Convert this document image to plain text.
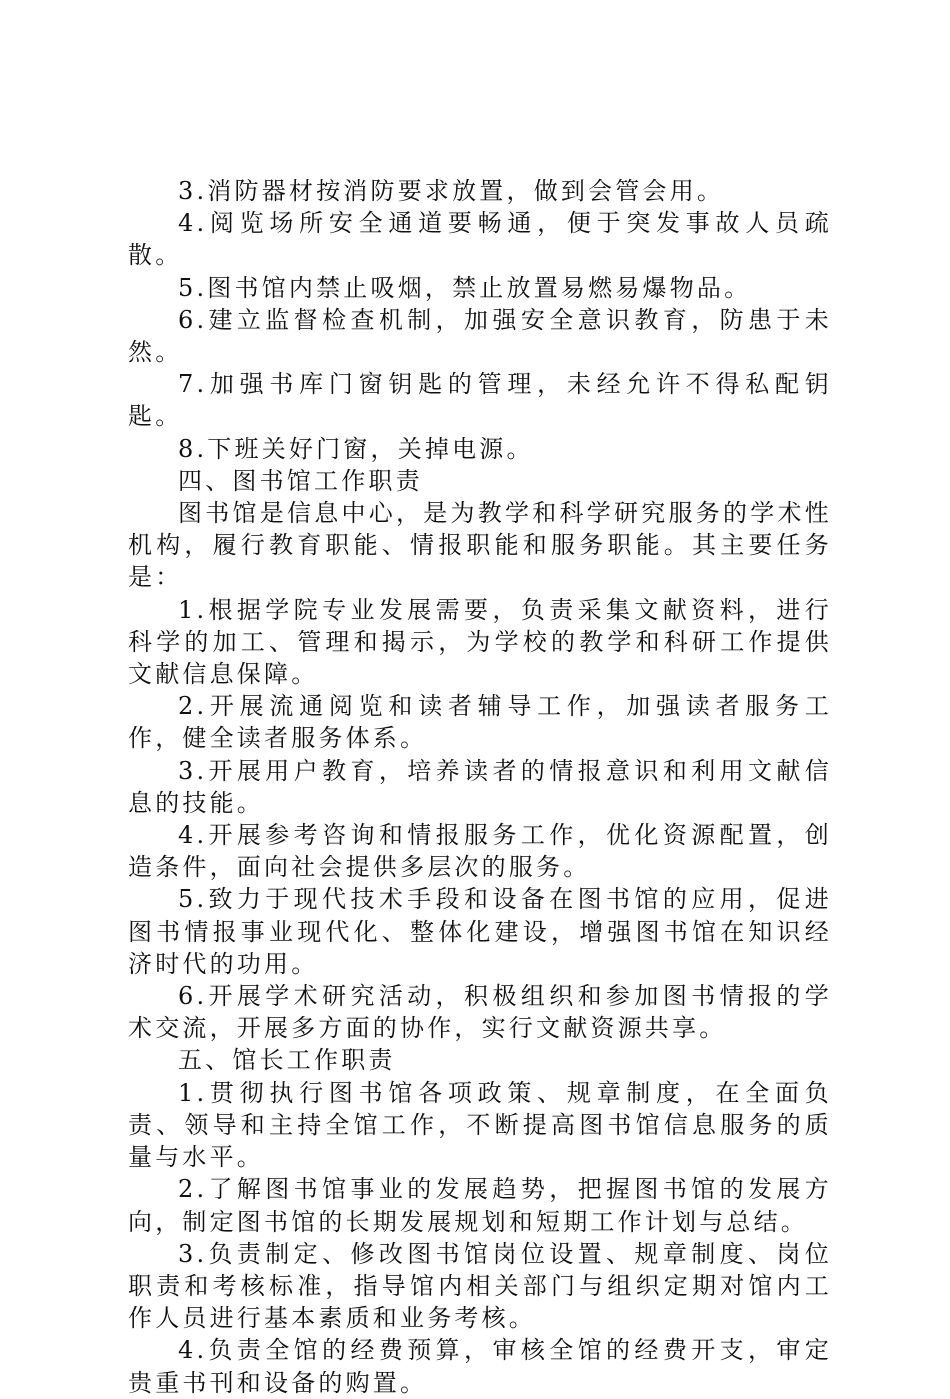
3.消防器材按消防要求放置，做到会管会用。

4.阅览场所安全通道要畅通，便于突发事故人员疏散。

5.图书馆内禁止吸烟，禁止放置易燃易爆物品。

6.建立监督检查机制，加强安全意识教育，防患于未然。

7.加强书库门窗钥匙的管理，未经允许不得私配钥匙。

8.下班关好门窗，关掉电源。

四、图书馆工作职责

图书馆是信息中心，是为教学和科学研究服务的学术性机构，履行教育职能、情报职能和服务职能。其主要任务是：

1.根据学院专业发展需要，负责采集文献资料，进行科学的加工、管理和揭示，为学校的教学和科研工作提供文献信息保障。

2.开展流通阅览和读者辅导工作，加强读者服务工作，健全读者服务体系。

3.开展用户教育，培养读者的情报意识和利用文献信息的技能。

4.开展参考咨询和情报服务工作，优化资源配置，创造条件，面向社会提供多层次的服务。

5.致力于现代技术手段和设备在图书馆的应用，促进图书情报事业现代化、整体化建设，增强图书馆在知识经济时代的功用。

6.开展学术研究活动，积极组织和参加图书情报的学术交流，开展多方面的协作，实行文献资源共享。

五、馆长工作职责

1.贯彻执行图书馆各项政策、规章制度，在全面负责、领导和主持全馆工作，不断提高图书馆信息服务的质量与水平。

2.了解图书馆事业的发展趋势，把握图书馆的发展方向，制定图书馆的长期发展规划和短期工作计划与总结。

3.负责制定、修改图书馆岗位设置、规章制度、岗位职责和考核标准，指导馆内相关部门与组织定期对馆内工作人员进行基本素质和业务考核。

4.负责全馆的经费预算，审核全馆的经费开支，审定贵重书刊和设备的购置。
